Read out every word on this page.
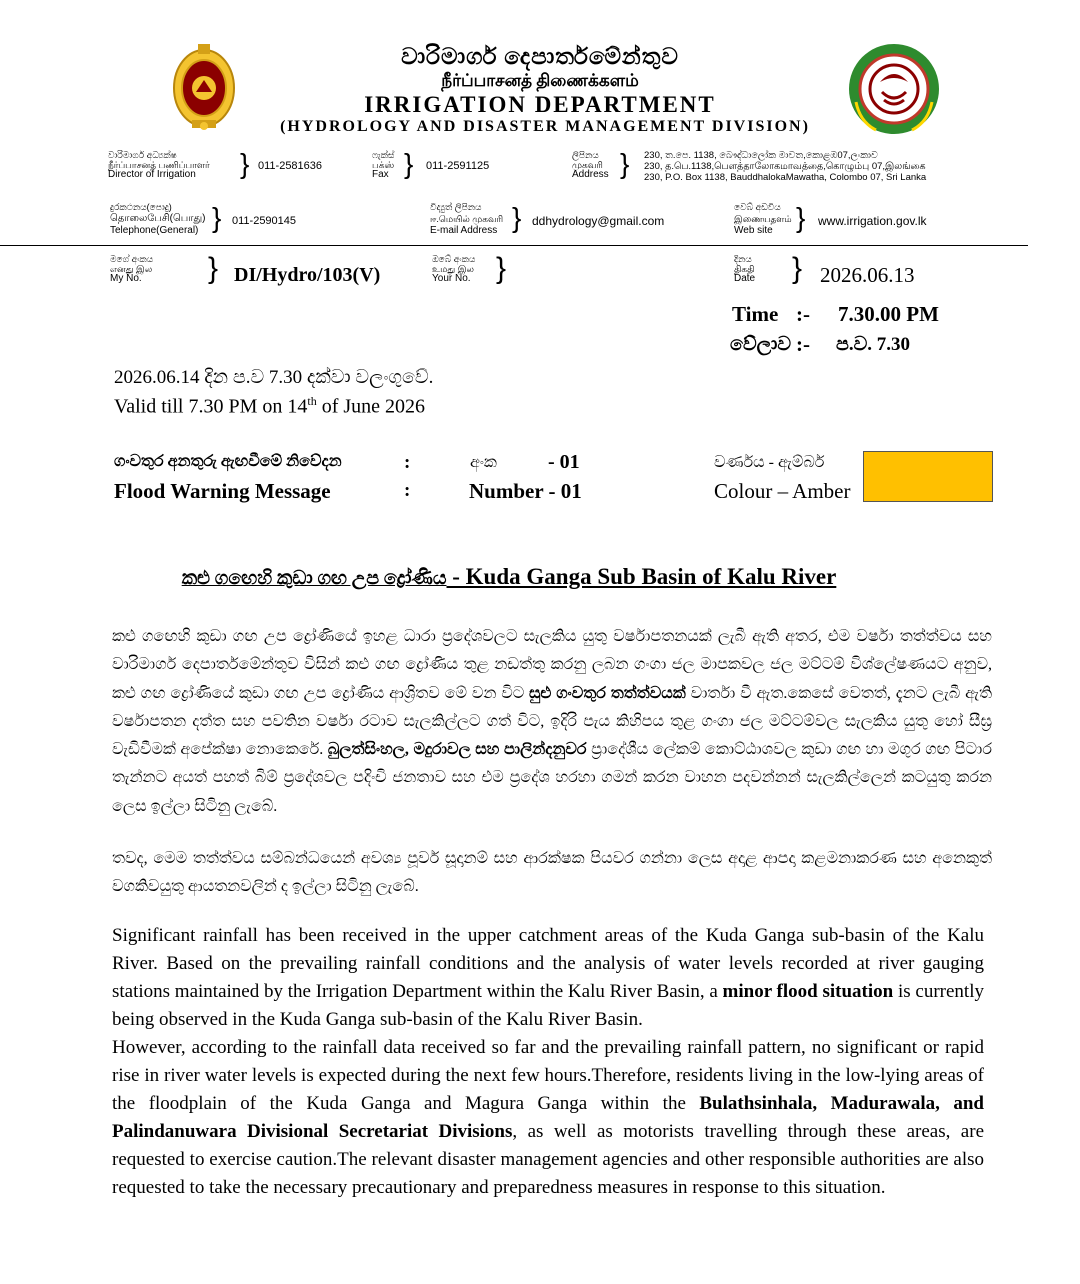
වාරිමාර්ග දෙපාර්තමේන්තුව
நீர்ப்பாசனத் திணைக்களம்
IRRIGATION DEPARTMENT
(HYDROLOGY AND DISASTER MANAGEMENT DIVISION)
වාරිමාර්ග අධ්‍යක්ෂ
நீர்ப்பாசனத் பணிப்பாளர்
Director of Irrigation	} 011-2581636
ෆැක්ස්
பக்ஸ்
Fax } 011-2591125
ලිපිනය
முகவரி
Address } 230, ත.පෙ. 1138, බෞද්ධාලෝක මාවත,කොළඹ07,ලංකාව
230, த.பெ.1138,பௌத்தாலோகமாவத்தை,கொழும்பு 07,இலங்கை
230, P.O. Box 1138, BauddhalokaMawatha, Colombo 07, Sri Lanka
දුරකථනය(පොදු)
தொலைபேசி(பொது)
Telephone(General) } 011-2590145
විද්‍යුත් ලිපිනය
ஈ.மெயில் முகவரி
E-mail Address } ddhydrology@gmail.com
වෙබ් අඩවිය
இணையதளம்
Web site } www.irrigation.gov.lk
මගේ අංකය
எனது இல
My No.	} DI/Hydro/103(V)
ඔබේ අංකය
உமது இல
Your No. }	දිනය
திகதி
Date } 2026.06.13
Time :- 7.30.00 PM
වේලාව :- ප.ව. 7.30
2026.06.14 දින ප.ව 7.30 දක්වා වලංගුවේ.
Valid till 7.30 PM on 14th of June 2026
ගංවතුර අනතුරු ඇඟවීමේ නිවේදන	:	අංක	- 01	වර්ණය - ඇම්බර්
Flood Warning Message	:	Number - 01	Colour – Amber
කළු ගඟෙහි කුඩා ගඟ උප ද්‍රෝණිය - Kuda Ganga Sub Basin of Kalu River
කළු ගඟෙහි කුඩා ගඟ උප ද්‍රෝණියේ ඉහළ ධාරා ප්‍රදේශවලට සැලකිය යුතු වර්ෂාපතනයක් ලැබී ඇති අතර, එම වර්ෂා තත්ත්වය සහ වාරිමාර්ග දෙපාර්තමේන්තුව විසින් කළු ගඟ ද්‍රෝණිය තුළ නඩත්තු කරනු ලබන ගංගා ජල මාපකවල ජල මට්ටම් විශ්ලේෂණයට අනුව, කළු ගඟ ද්‍රෝණියේ කුඩා ගඟ උප ද්‍රෝණිය ආශ්‍රිතව මේ වන විට සුළු ගංවතුර තත්ත්වයක් වාර්තා වී ඇත.කෙසේ වෙතත්, දැනට ලැබී ඇති වර්ෂාපතන දත්ත සහ පවතින වර්ෂා රටාව සැලකිල්ලට ගත් විට, ඉදිරි පැය කිහිපය තුළ ගංගා ජල මට්ටම්වල සැලකිය යුතු හෝ සීඝ්‍ර වැඩිවීමක් අපේක්ෂා නොකෙරේ. බුලත්සිංහල, මදුරාවල සහ පාලින්දනුවර ප්‍රාදේශීය ලේකම් කොට්ඨාශවල කුඩා ගඟ හා මගුර ගඟ පිටාර තැන්නට අයත් පහත් බිම් ප්‍රදේශවල පදිංචි ජනතාව සහ එම ප්‍රදේශ හරහා ගමන් කරන වාහන පදවන්නන් සැලකිල්ලෙන් කටයුතු කරන ලෙස ඉල්ලා සිටිනු ලැබේ.
තවද, මෙම තත්ත්වය සම්බන්ධයෙන් අවශ්‍ය පූර්ව සූදානම් සහ ආරක්ෂක පියවර ගන්නා ලෙස අදාළ ආපදා කළමනාකරණ සහ අනෙකුත් වගකිවයුතු ආයතනවලින් ද ඉල්ලා සිටිනු ලැබේ.
Significant rainfall has been received in the upper catchment areas of the Kuda Ganga sub-basin of the Kalu River. Based on the prevailing rainfall conditions and the analysis of water levels recorded at river gauging stations maintained by the Irrigation Department within the Kalu River Basin, a minor flood situation is currently being observed in the Kuda Ganga sub-basin of the Kalu River Basin.
However, according to the rainfall data received so far and the prevailing rainfall pattern, no significant or rapid rise in river water levels is expected during the next few hours.Therefore, residents living in the low-lying areas of the floodplain of the Kuda Ganga and Magura Ganga within the Bulathsinhala, Madurawala, and Palindanuwara Divisional Secretariat Divisions, as well as motorists travelling through these areas, are requested to exercise caution.The relevant disaster management agencies and other responsible authorities are also requested to take the necessary precautionary and preparedness measures in response to this situation.
